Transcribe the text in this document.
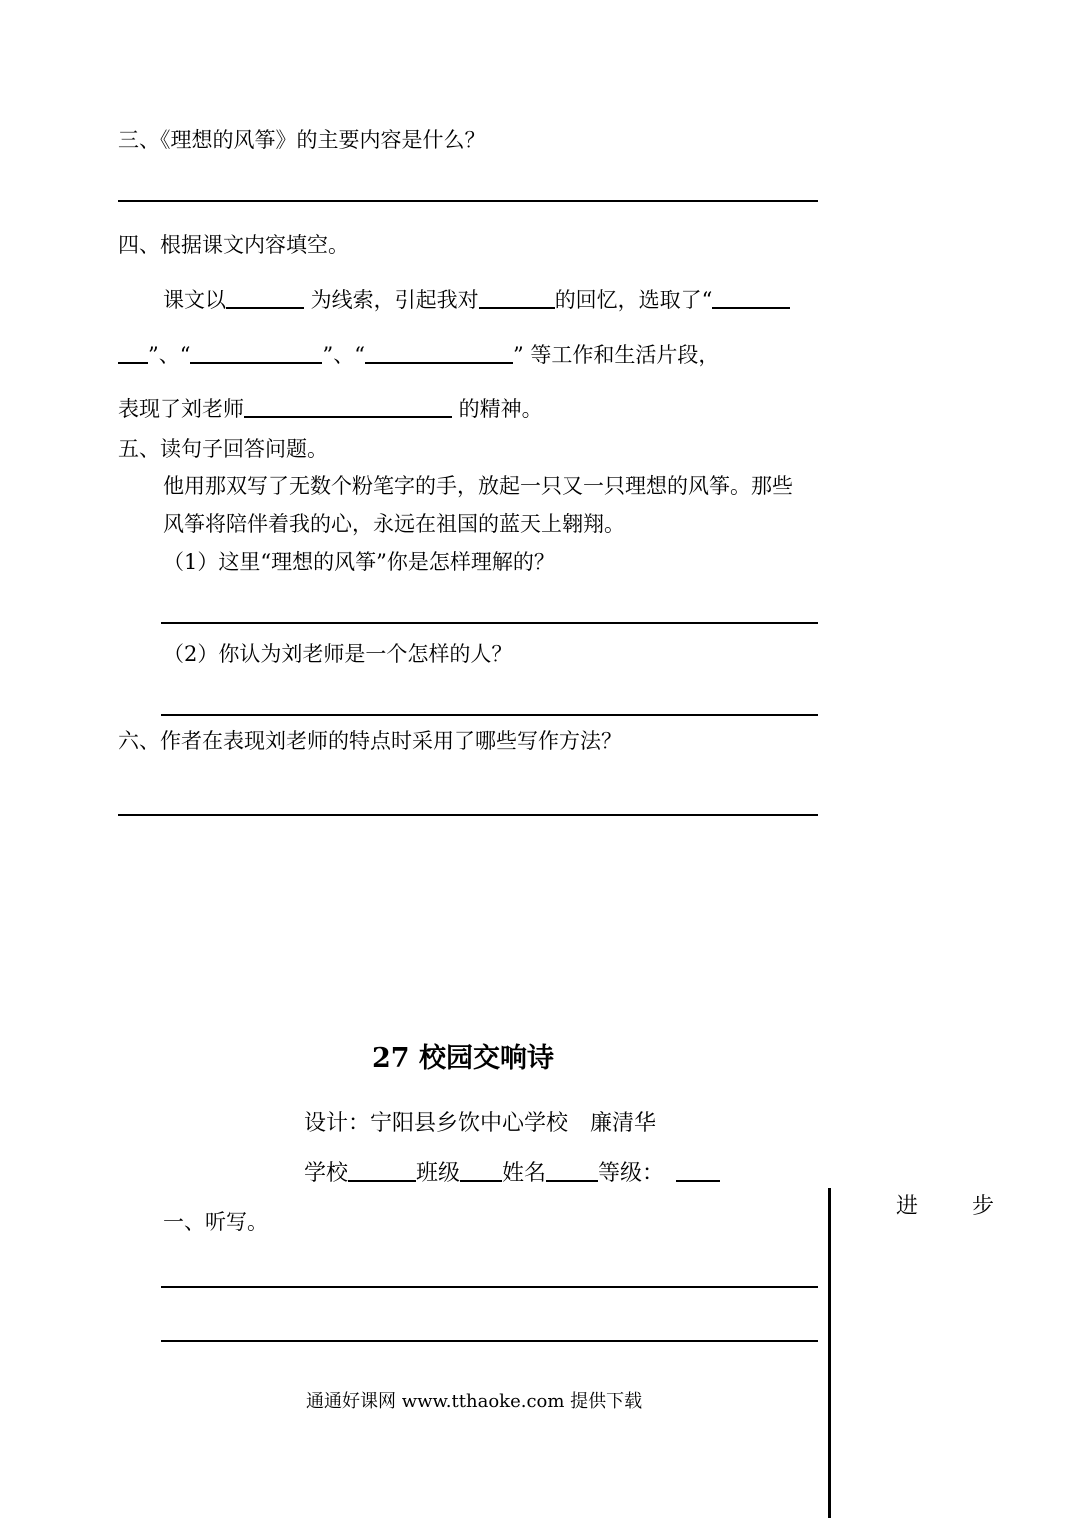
三、《理想的风筝》的主要内容是什么？
四、根据课文内容填空。
课文以	为线索，引起我对	的回忆，选取了“
”、“	”、“	” 等工作和生活片段，
表现了刘老师	的精神。
五、读句子回答问题。
他用那双写了无数个粉笔字的手，放起一只又一只理想的风筝。那些
风筝将陪伴着我的心，永远在祖国的蓝天上翱翔。
（1）这里“理想的风筝”你是怎样理解的？
（2）你认为刘老师是一个怎样的人？
六、作者在表现刘老师的特点时采用了哪些写作方法？
27 校园交响诗
设计：宁阳县乡饮中心学校　廉清华
学校	班级 姓名 等级：
进 步
一、听写。
通通好课网 www.tthaoke.com 提供下载
